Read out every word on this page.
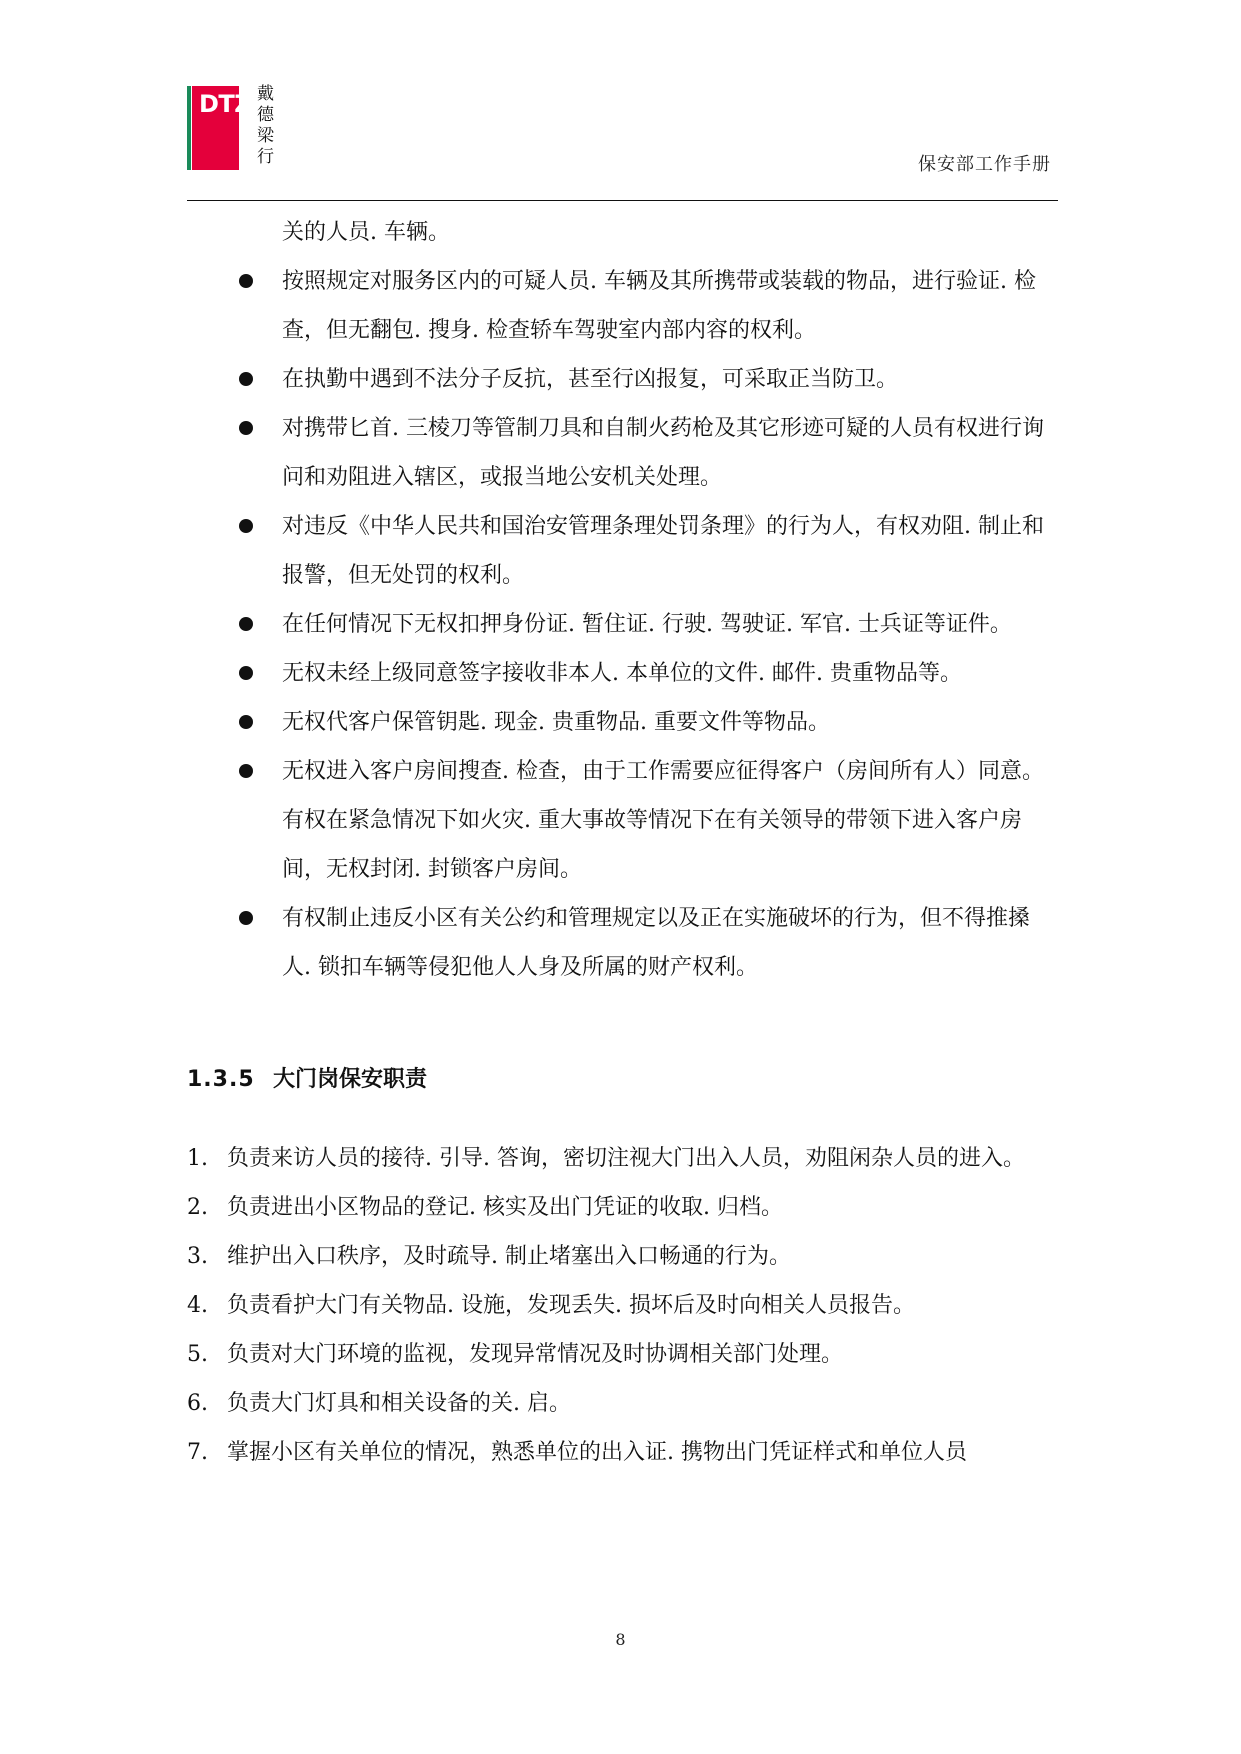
DTZ 戴
德
梁
行	保安部工作手册

关的人员. 车辆。

按照规定对服务区内的可疑人员. 车辆及其所携带或装载的物品，进行验证. 检查，但无翻包. 搜身. 检查轿车驾驶室内部内容的权利。

在执勤中遇到不法分子反抗，甚至行凶报复，可采取正当防卫。

对携带匕首. 三棱刀等管制刀具和自制火药枪及其它形迹可疑的人员有权进行询问和劝阻进入辖区，或报当地公安机关处理。

对违反《中华人民共和国治安管理条理处罚条理》的行为人，有权劝阻. 制止和报警，但无处罚的权利。

在任何情况下无权扣押身份证. 暂住证. 行驶. 驾驶证. 军官. 士兵证等证件。

无权未经上级同意签字接收非本人. 本单位的文件. 邮件. 贵重物品等。

无权代客户保管钥匙. 现金. 贵重物品. 重要文件等物品。

无权进入客户房间搜查. 检查，由于工作需要应征得客户（房间所有人）同意。有权在紧急情况下如火灾. 重大事故等情况下在有关领导的带领下进入客户房间，无权封闭. 封锁客户房间。

有权制止违反小区有关公约和管理规定以及正在实施破坏的行为，但不得推搡人. 锁扣车辆等侵犯他人人身及所属的财产权利。

1.3.5 大门岗保安职责

1. 负责来访人员的接待. 引导. 答询，密切注视大门出入人员，劝阻闲杂人员的进入。

2. 负责进出小区物品的登记. 核实及出门凭证的收取. 归档。

3. 维护出入口秩序，及时疏导. 制止堵塞出入口畅通的行为。

4. 负责看护大门有关物品. 设施，发现丢失. 损坏后及时向相关人员报告。

5. 负责对大门环境的监视，发现异常情况及时协调相关部门处理。

6. 负责大门灯具和相关设备的关. 启。

7. 掌握小区有关单位的情况，熟悉单位的出入证. 携物出门凭证样式和单位人员

8
